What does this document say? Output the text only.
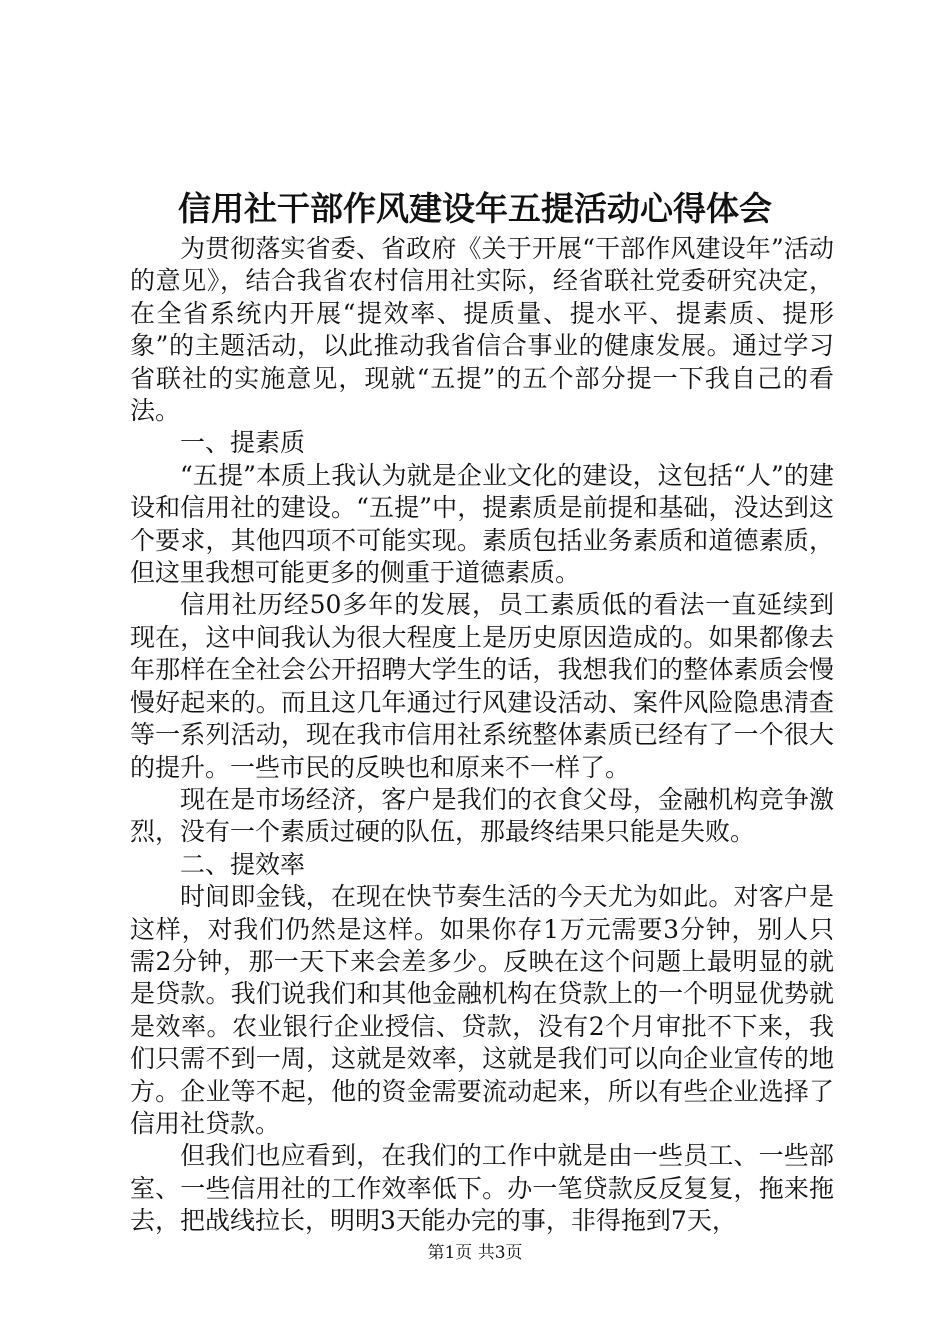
信用社干部作风建设年五提活动心得体会

为贯彻落实省委、省政府《关于开展“干部作风建设年”活动的意见》，结合我省农村信用社实际，经省联社党委研究决定，在全省系统内开展“提效率、提质量、提水平、提素质、提形象”的主题活动，以此推动我省信合事业的健康发展。通过学习省联社的实施意见，现就“五提”的五个部分提一下我自己的看法。

一、提素质

“五提”本质上我认为就是企业文化的建设，这包括“人”的建设和信用社的建设。“五提”中，提素质是前提和基础，没达到这个要求，其他四项不可能实现。素质包括业务素质和道德素质，但这里我想可能更多的侧重于道德素质。

信用社历经50多年的发展，员工素质低的看法一直延续到现在，这中间我认为很大程度上是历史原因造成的。如果都像去年那样在全社会公开招聘大学生的话，我想我们的整体素质会慢慢好起来的。而且这几年通过行风建设活动、案件风险隐患清查等一系列活动，现在我市信用社系统整体素质已经有了一个很大的提升。一些市民的反映也和原来不一样了。

现在是市场经济，客户是我们的衣食父母，金融机构竞争激烈，没有一个素质过硬的队伍，那最终结果只能是失败。

二、提效率

时间即金钱，在现在快节奏生活的今天尤为如此。对客户是这样，对我们仍然是这样。如果你存1万元需要3分钟，别人只需2分钟，那一天下来会差多少。反映在这个问题上最明显的就是贷款。我们说我们和其他金融机构在贷款上的一个明显优势就是效率。农业银行企业授信、贷款，没有2个月审批不下来，我们只需不到一周，这就是效率，这就是我们可以向企业宣传的地方。企业等不起，他的资金需要流动起来，所以有些企业选择了信用社贷款。

但我们也应看到，在我们的工作中就是由一些员工、一些部室、一些信用社的工作效率低下。办一笔贷款反反复复，拖来拖去，把战线拉长，明明3天能办完的事，非得拖到7天，

第1页 共3页
